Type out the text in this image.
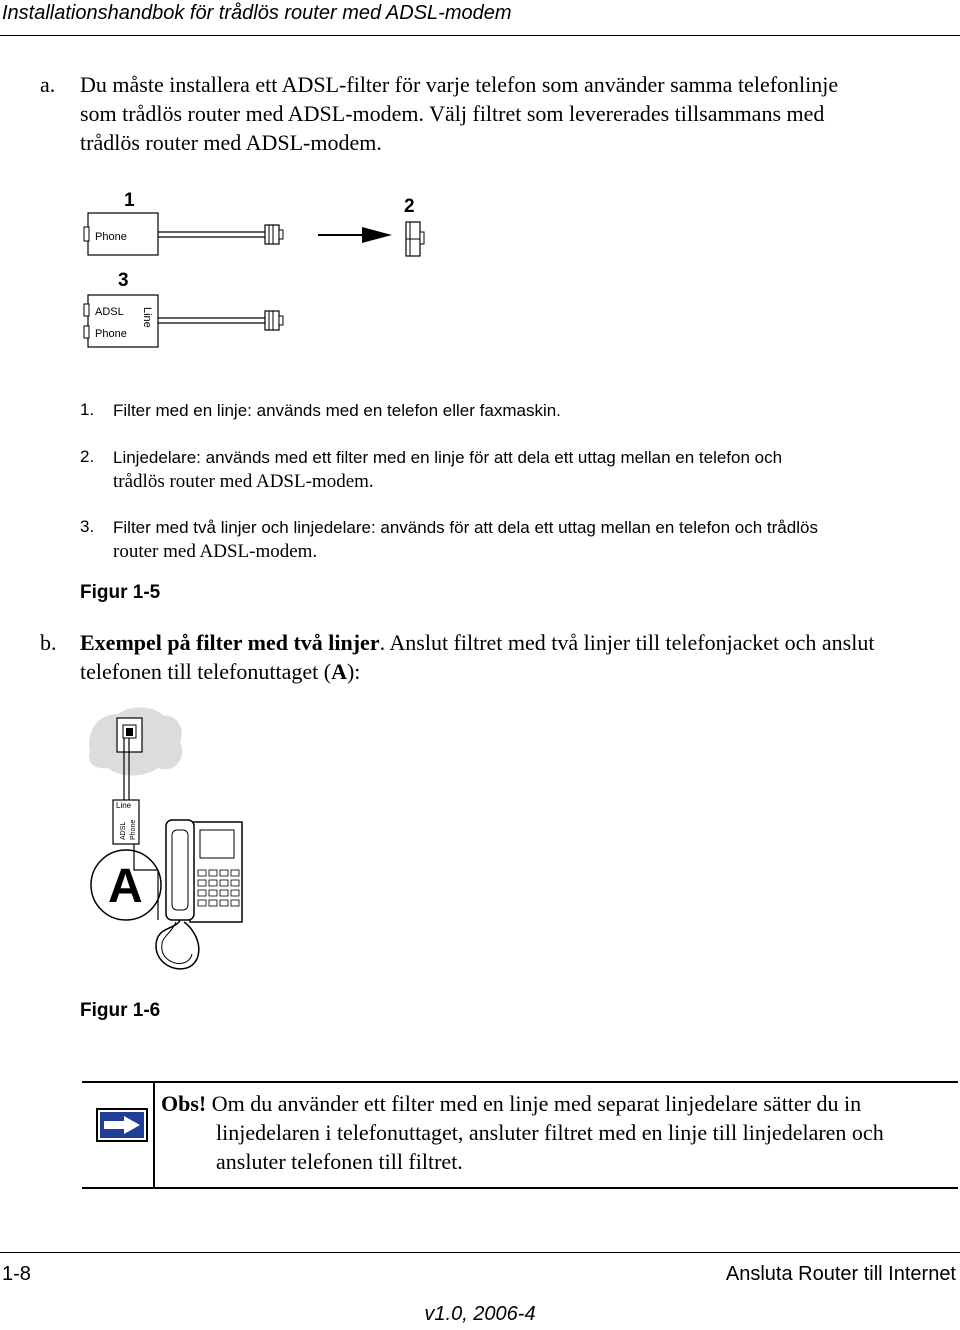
Installationshandbok för trådlös router med ADSL-modem
a. Du måste installera ett ADSL-filter för varje telefon som använder samma telefonlinje
som trådlös router med ADSL-modem. Välj filtret som levererades tillsammans med
trådlös router med ADSL-modem.
1
Phone
2
3
ADSL
Phone
Line
1. Filter med en linje: används med en telefon eller faxmaskin.
2. Linjedelare: används med ett filter med en linje för att dela ett uttag mellan en telefon och
trådlös router med ADSL-modem.
3. Filter med två linjer och linjedelare: används för att dela ett uttag mellan en telefon och trådlös
router med ADSL-modem.
Figur 1-5
b. Exempel på filter med två linjer. Anslut filtret med två linjer till telefonjacket och anslut
telefonen till telefonuttaget (A):
Line
ADSL Phone
A
Figur 1-6
Obs! Om du använder ett filter med en linje med separat linjedelare sätter du in
linjedelaren i telefonuttaget, ansluter filtret med en linje till linjedelaren och
ansluter telefonen till filtret.
1-8	Ansluta Router till Internet
v1.0, 2006-4
